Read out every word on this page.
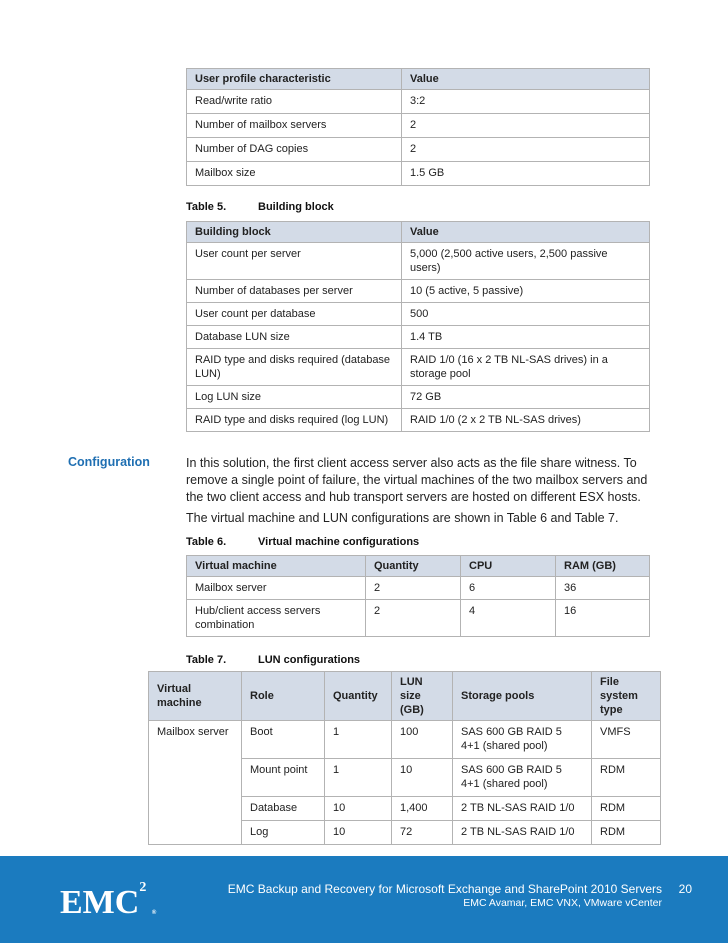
User profile characteristic	Value
Read/write ratio	3:2
Number of mailbox servers	2
Number of DAG copies	2
Mailbox size	1.5 GB
Table 5.	Building block
Building block	Value
User count per server	5,000 (2,500 active users, 2,500 passive users)
Number of databases per server	10 (5 active, 5 passive)
User count per database	500
Database LUN size	1.4 TB
RAID type and disks required (database LUN)	RAID 1/0 (16 x 2 TB NL-SAS drives) in a storage pool
Log LUN size	72 GB
RAID type and disks required (log LUN)	RAID 1/0 (2 x 2 TB NL-SAS drives)
Configuration	In this solution, the first client access server also acts as the file share witness. To remove a single point of failure, the virtual machines of the two mailbox servers and the two client access and hub transport servers are hosted on different ESX hosts.
The virtual machine and LUN configurations are shown in Table 6 and Table 7.
Table 6.	Virtual machine configurations
Virtual machine	Quantity	CPU	RAM (GB)
Mailbox server	2	6	36
Hub/client access servers combination	2	4	16
Table 7.	LUN configurations
Virtual machine	Role	Quantity	LUN size (GB)	Storage pools	File system type
Mailbox server	Boot	1	100	SAS 600 GB RAID 5 4+1 (shared pool)	VMFS
	Mount point	1	10	SAS 600 GB RAID 5 4+1 (shared pool)	RDM
	Database	10	1,400	2 TB NL-SAS RAID 1/0	RDM
	Log	10	72	2 TB NL-SAS RAID 1/0	RDM
EMC$^2$
®
EMC Backup and Recovery for Microsoft Exchange and SharePoint 2010 Servers
EMC Avamar, EMC VNX, VMware vCenter
20
